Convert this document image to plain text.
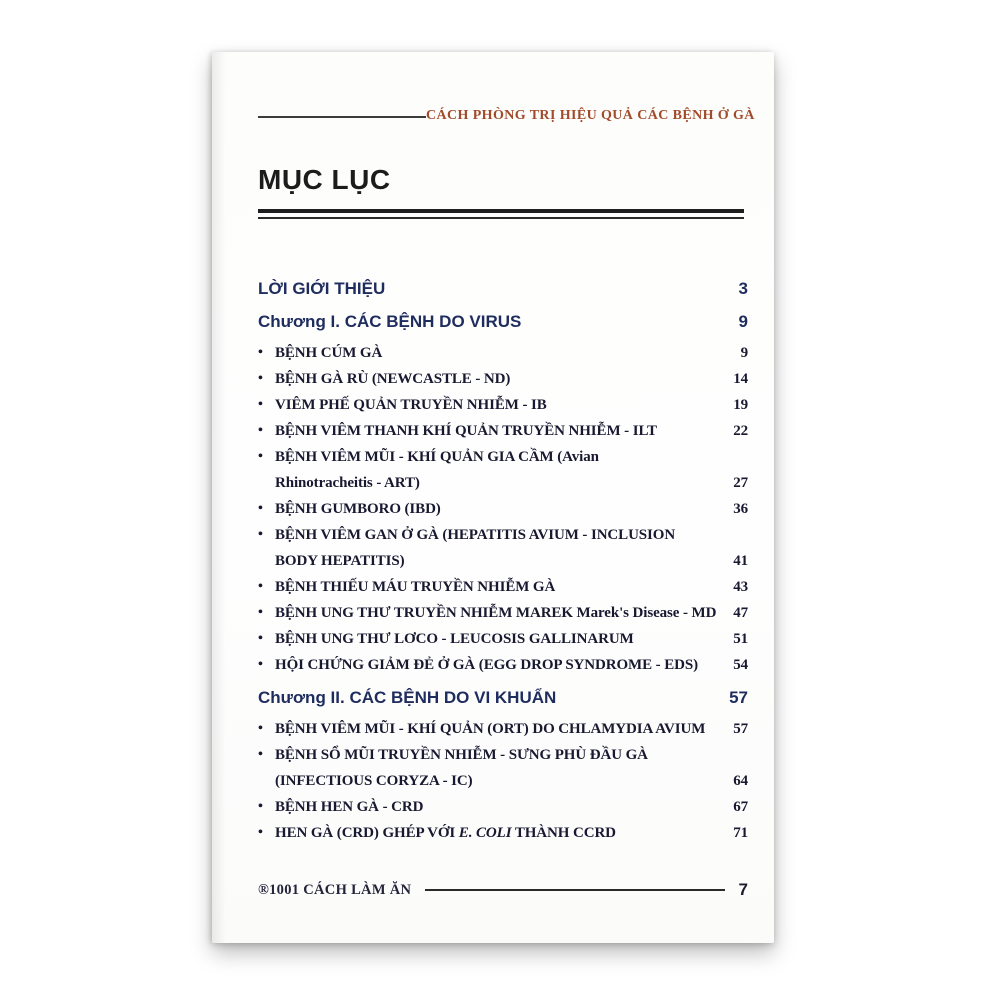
CÁCH PHÒNG TRỊ HIỆU QUẢ CÁC BỆNH Ở GÀ
MỤC LỤC
LỜI GIỚI THIỆU	3
Chương I. CÁC BỆNH DO VIRUS	9
• BỆNH CÚM GÀ	9
• BỆNH GÀ RÙ (NEWCASTLE - ND)	14
• VIÊM PHẾ QUẢN TRUYỀN NHIỄM - IB	19
• BỆNH VIÊM THANH KHÍ QUẢN TRUYỀN NHIỄM - ILT	22
• BỆNH VIÊM MŨI - KHÍ QUẢN GIA CẦM (Avian
Rhinotracheitis - ART)	27
• BỆNH GUMBORO (IBD)	36
• BỆNH VIÊM GAN Ở GÀ (HEPATITIS AVIUM - INCLUSION
BODY HEPATITIS)	41
• BỆNH THIẾU MÁU TRUYỀN NHIỄM GÀ	43
• BỆNH UNG THƯ TRUYỀN NHIỄM MAREK Marek's Disease - MD	47
• BỆNH UNG THƯ LƠCO - LEUCOSIS GALLINARUM	51
• HỘI CHỨNG GIẢM ĐẺ Ở GÀ (EGG DROP SYNDROME - EDS)	54
Chương II. CÁC BỆNH DO VI KHUẨN	57
• BỆNH VIÊM MŨI - KHÍ QUẢN (ORT) DO CHLAMYDIA AVIUM	57
• BỆNH SỔ MŨI TRUYỀN NHIỄM - SƯNG PHÙ ĐẦU GÀ
(INFECTIOUS CORYZA - IC)	64
• BỆNH HEN GÀ - CRD	67
• HEN GÀ (CRD) GHÉP VỚI E. COLI THÀNH CCRD	71
®1001 CÁCH LÀM ĂN	7
